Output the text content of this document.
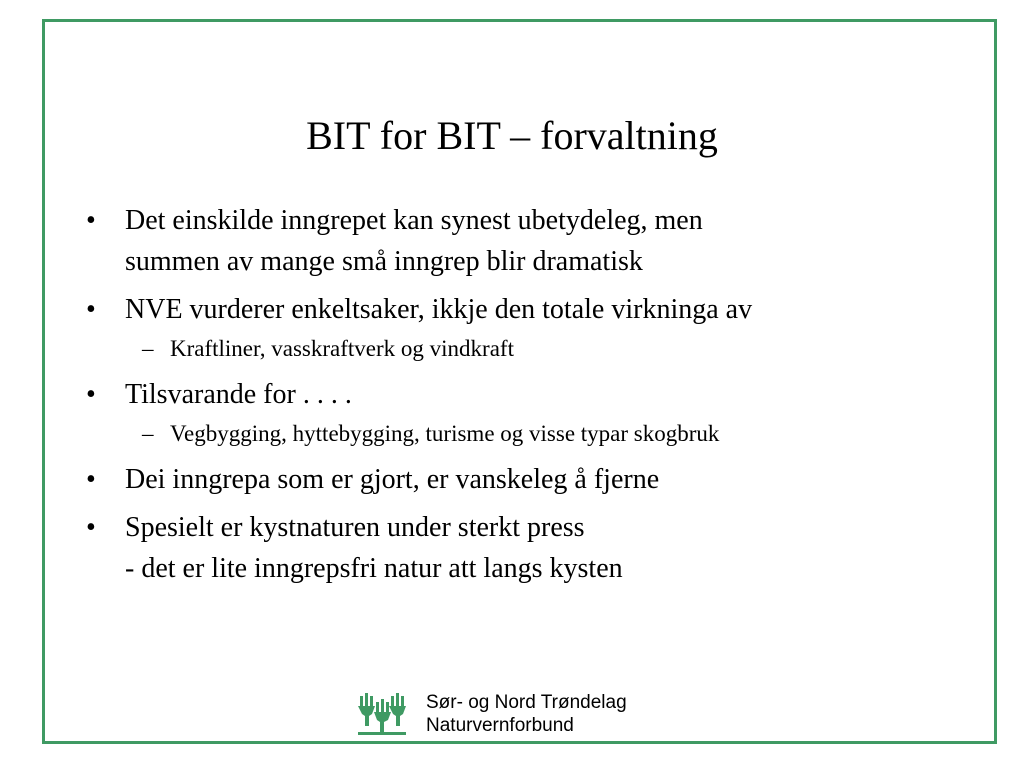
BIT for BIT – forvaltning
• Det einskilde inngrepet kan synest ubetydeleg, men
summen av mange små inngrep blir dramatisk
• NVE vurderer enkeltsaker, ikkje den totale virkninga av
– Kraftliner, vasskraftverk og vindkraft
• Tilsvarande for . . . .
– Vegbygging, hyttebygging, turisme og visse typar skogbruk
• Dei inngrepa som er gjort, er vanskeleg å fjerne
• Spesielt er kystnaturen under sterkt press
- det er lite inngrepsfri natur att langs kysten
Sør- og Nord Trøndelag
Naturvernforbund
